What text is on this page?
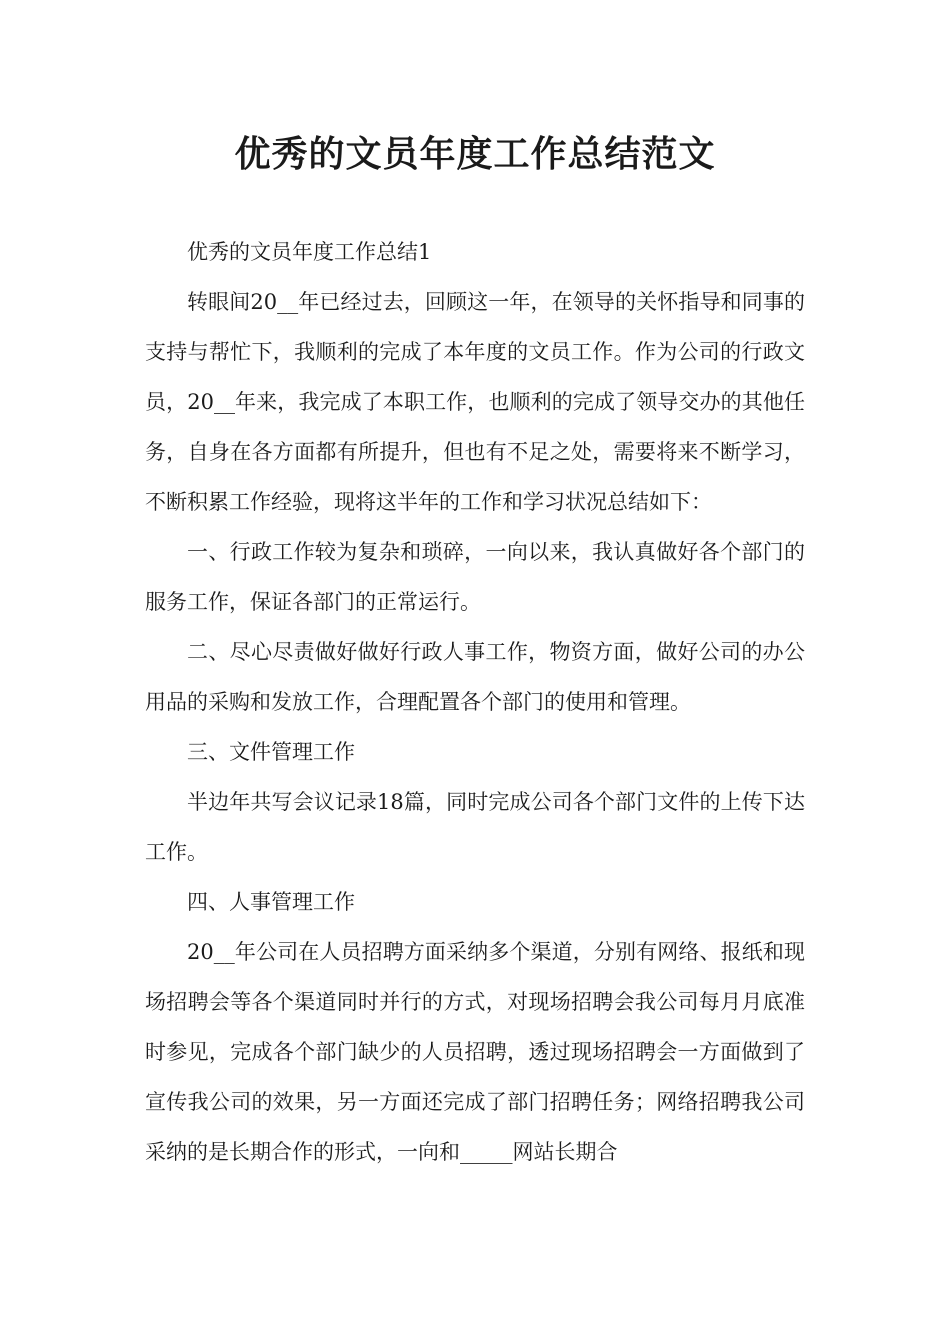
优秀的文员年度工作总结范文

优秀的文员年度工作总结1

转眼间20__年已经过去，回顾这一年，在领导的关怀指导和同事的支持与帮忙下，我顺利的完成了本年度的文员工作。作为公司的行政文员，20__年来，我完成了本职工作，也顺利的完成了领导交办的其他任务，自身在各方面都有所提升，但也有不足之处，需要将来不断学习，不断积累工作经验，现将这半年的工作和学习状况总结如下：

一、行政工作较为复杂和琐碎，一向以来，我认真做好各个部门的服务工作，保证各部门的正常运行。

二、尽心尽责做好做好行政人事工作，物资方面，做好公司的办公用品的采购和发放工作，合理配置各个部门的使用和管理。

三、文件管理工作

半边年共写会议记录18篇，同时完成公司各个部门文件的上传下达工作。

四、人事管理工作

20__年公司在人员招聘方面采纳多个渠道，分别有网络、报纸和现场招聘会等各个渠道同时并行的方式，对现场招聘会我公司每月月底准时参见，完成各个部门缺少的人员招聘，透过现场招聘会一方面做到了宣传我公司的效果，另一方面还完成了部门招聘任务；网络招聘我公司采纳的是长期合作的形式，一向和_____网站长期合
